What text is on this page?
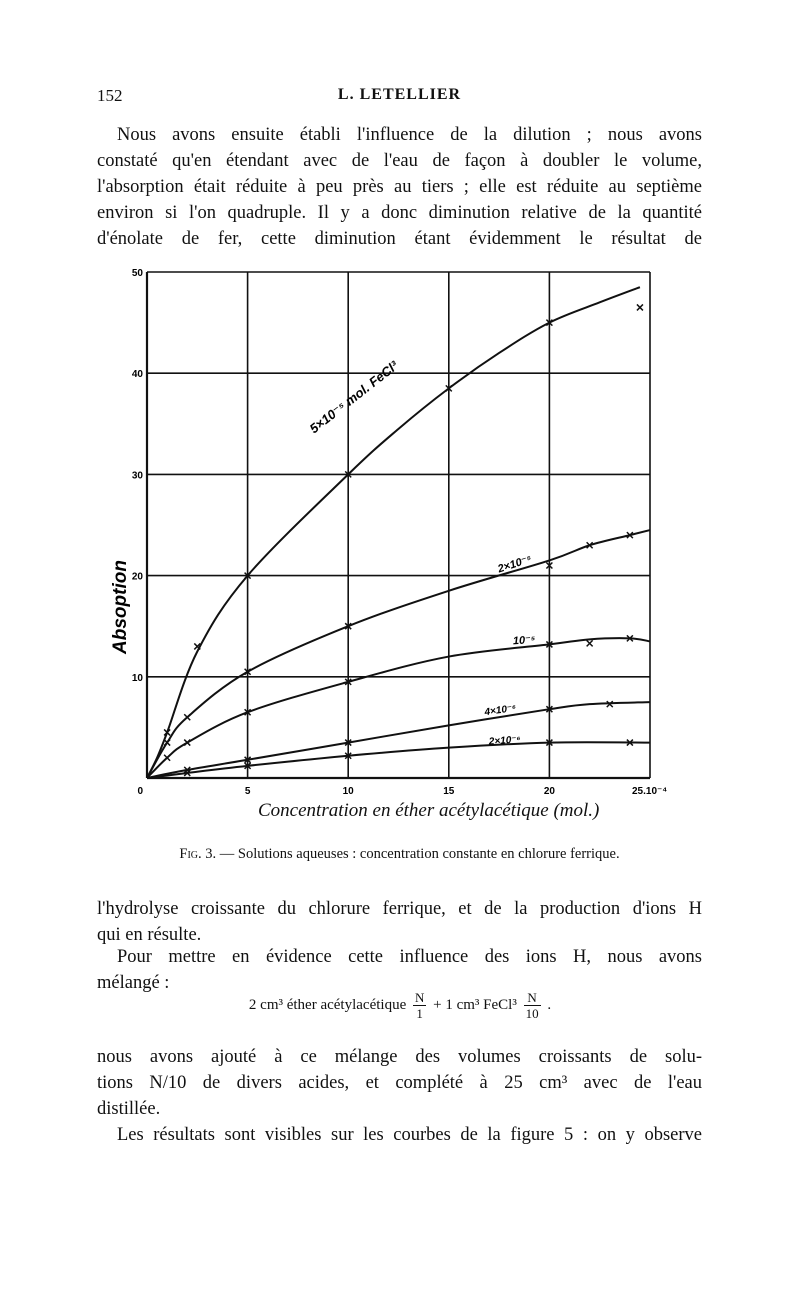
152	L. LETELLIER
Nous avons ensuite établi l'influence de la dilution ; nous avons
constaté qu'en étendant avec de l'eau de façon à doubler le volume,
l'absorption était réduite à peu près au tiers ; elle est réduite au septième
environ si l'on quadruple. Il y a donc diminution relative de la quantité
d'énolate de fer, cette diminution étant évidemment le résultat de
10
20
30
40
50
0	5	10	15	20	25.10⁻⁴
5×10⁻⁵ mol. FeCl³
2×10⁻⁵
10⁻⁵
4×10⁻⁶
2×10⁻⁶
Absoption
Concentration en éther acétylacétique (mol.)
Fig. 3. — Solutions aqueuses : concentration constante en chlorure ferrique.
l'hydrolyse croissante du chlorure ferrique, et de la production d'ions H
qui en résulte.
Pour mettre en évidence cette influence des ions H, nous avons
mélangé :
2 cm³ éther acétylacétique $\frac{N}{1} + 1$ cm³ FeCl³ $\frac{N}{10}$ .
nous avons ajouté à ce mélange des volumes croissants de solu-
tions N/10 de divers acides, et complété à 25 cm³ avec de l'eau
distillée.
Les résultats sont visibles sur les courbes de la figure 5 : on y observe
